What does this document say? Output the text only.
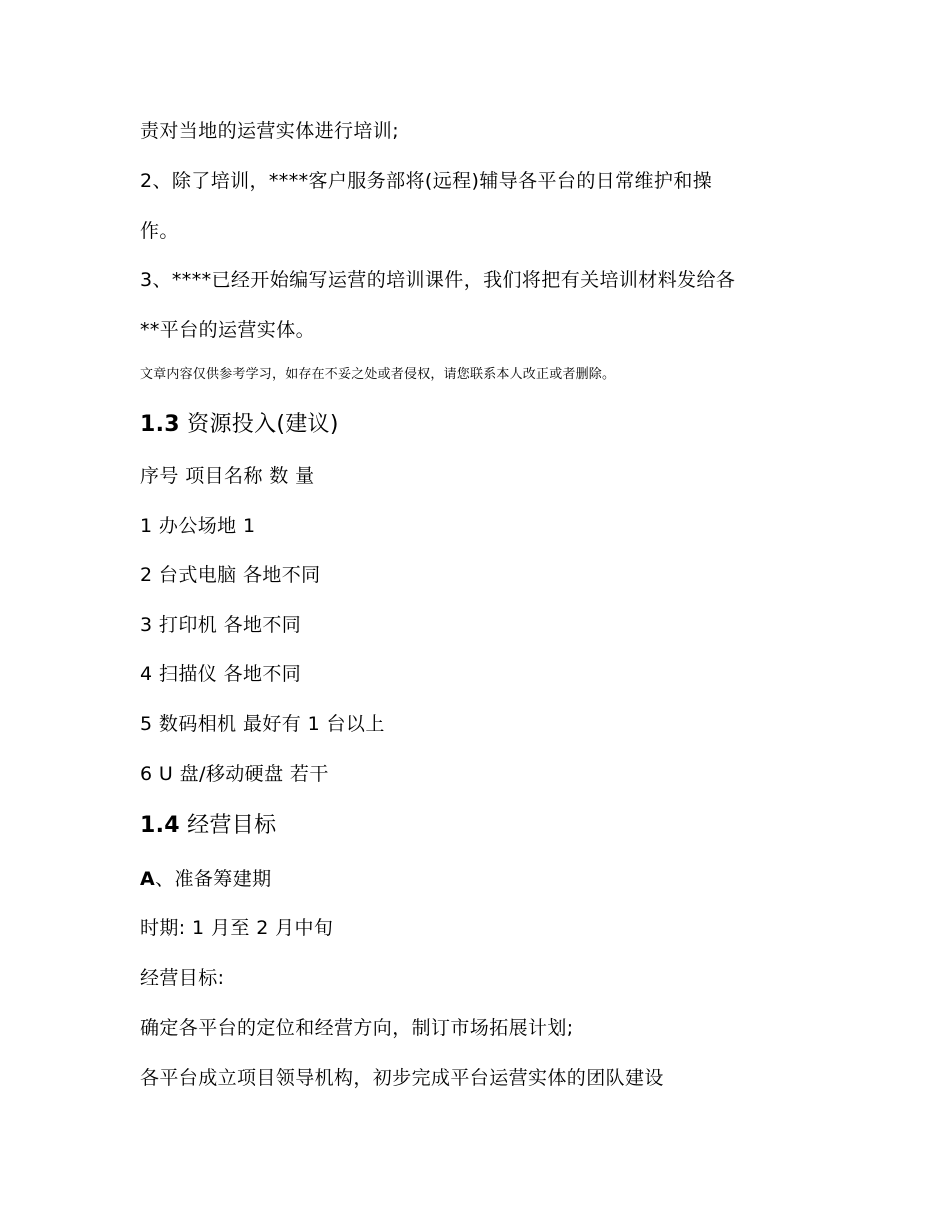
责对当地的运营实体进行培训;
2、除了培训，****客户服务部将(远程)辅导各平台的日常维护和操
作。
3、****已经开始编写运营的培训课件，我们将把有关培训材料发给各
**平台的运营实体。
文章内容仅供参考学习，如存在不妥之处或者侵权，请您联系本人改正或者删除。
1.3 资源投入(建议)
序号 项目名称 数 量
1 办公场地 1
2 台式电脑 各地不同
3 打印机 各地不同
4 扫描仪 各地不同
5 数码相机 最好有 1 台以上
6 U 盘/移动硬盘 若干
1.4 经营目标
A、准备筹建期
时期: 1 月至 2 月中旬
经营目标:
确定各平台的定位和经营方向，制订市场拓展计划;
各平台成立项目领导机构，初步完成平台运营实体的团队建设
